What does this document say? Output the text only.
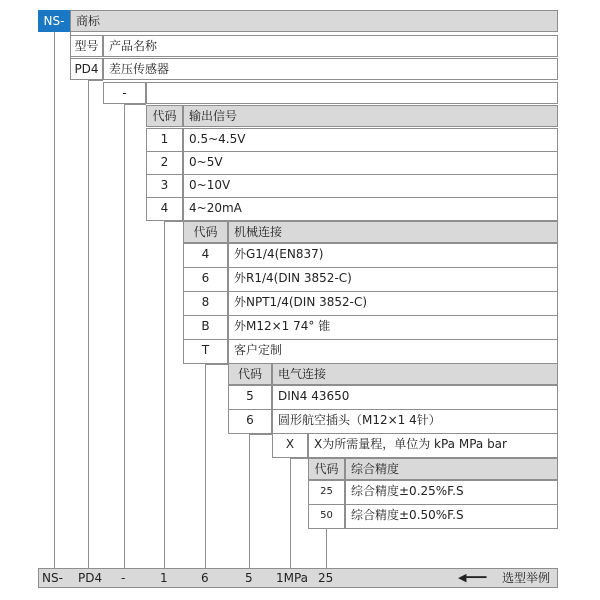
NS- 商标
型号 产品名称
PD4 差压传感器
-
代码	输出信号
1	0.5~4.5V
2	0~5V
3	0~10V
4	4~20mA
代码	机械连接
4	外G1/4(EN837)
6	外R1/4(DIN 3852-C)
8	外NPT1/4(DIN 3852-C)
B	外M12×1 74° 锥
T	客户定制
代码	电气连接
5	DIN4 43650
6	圆形航空插头（M12×1 4针）
X	X为所需量程，单位为 kPa MPa bar
代码	综合精度
25	综合精度±0.25%F.S
50	综合精度±0.50%F.S
NS- PD4 -	1	6	5 1MPa 25	◀━━━ 选型举例
